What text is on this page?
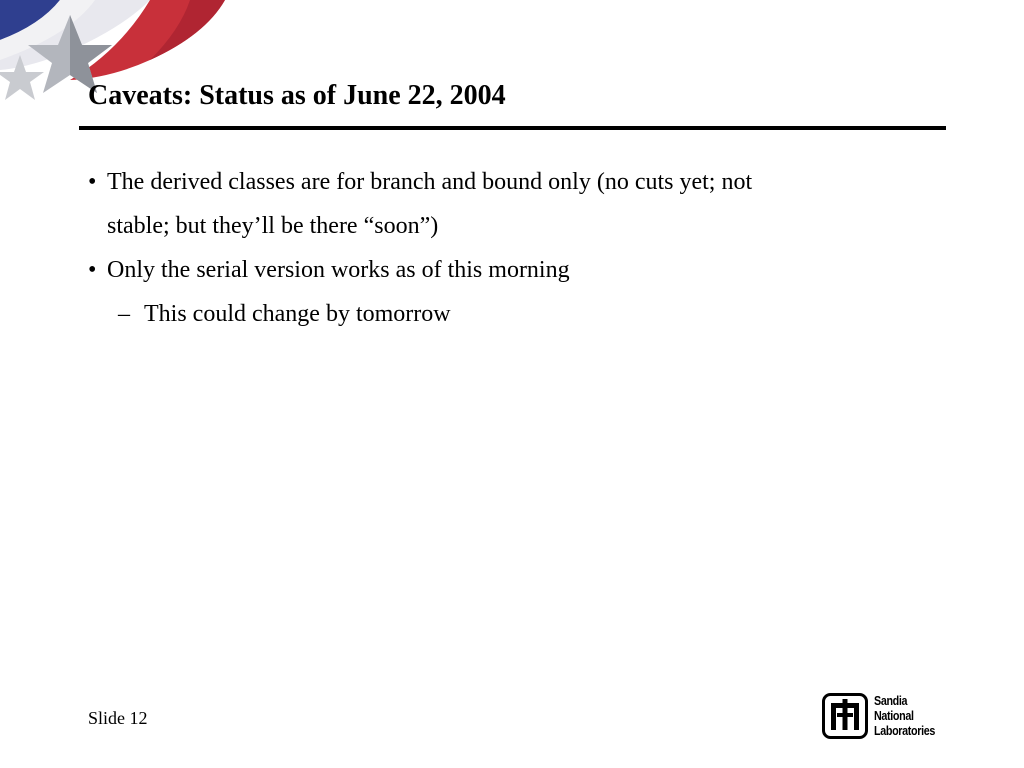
Caveats: Status as of June 22, 2004
• The derived classes are for branch and bound only (no cuts yet; not
stable; but they’ll be there “soon”)
• Only the serial version works as of this morning
– This could change by tomorrow
Slide 12
Sandia
National
Laboratories
